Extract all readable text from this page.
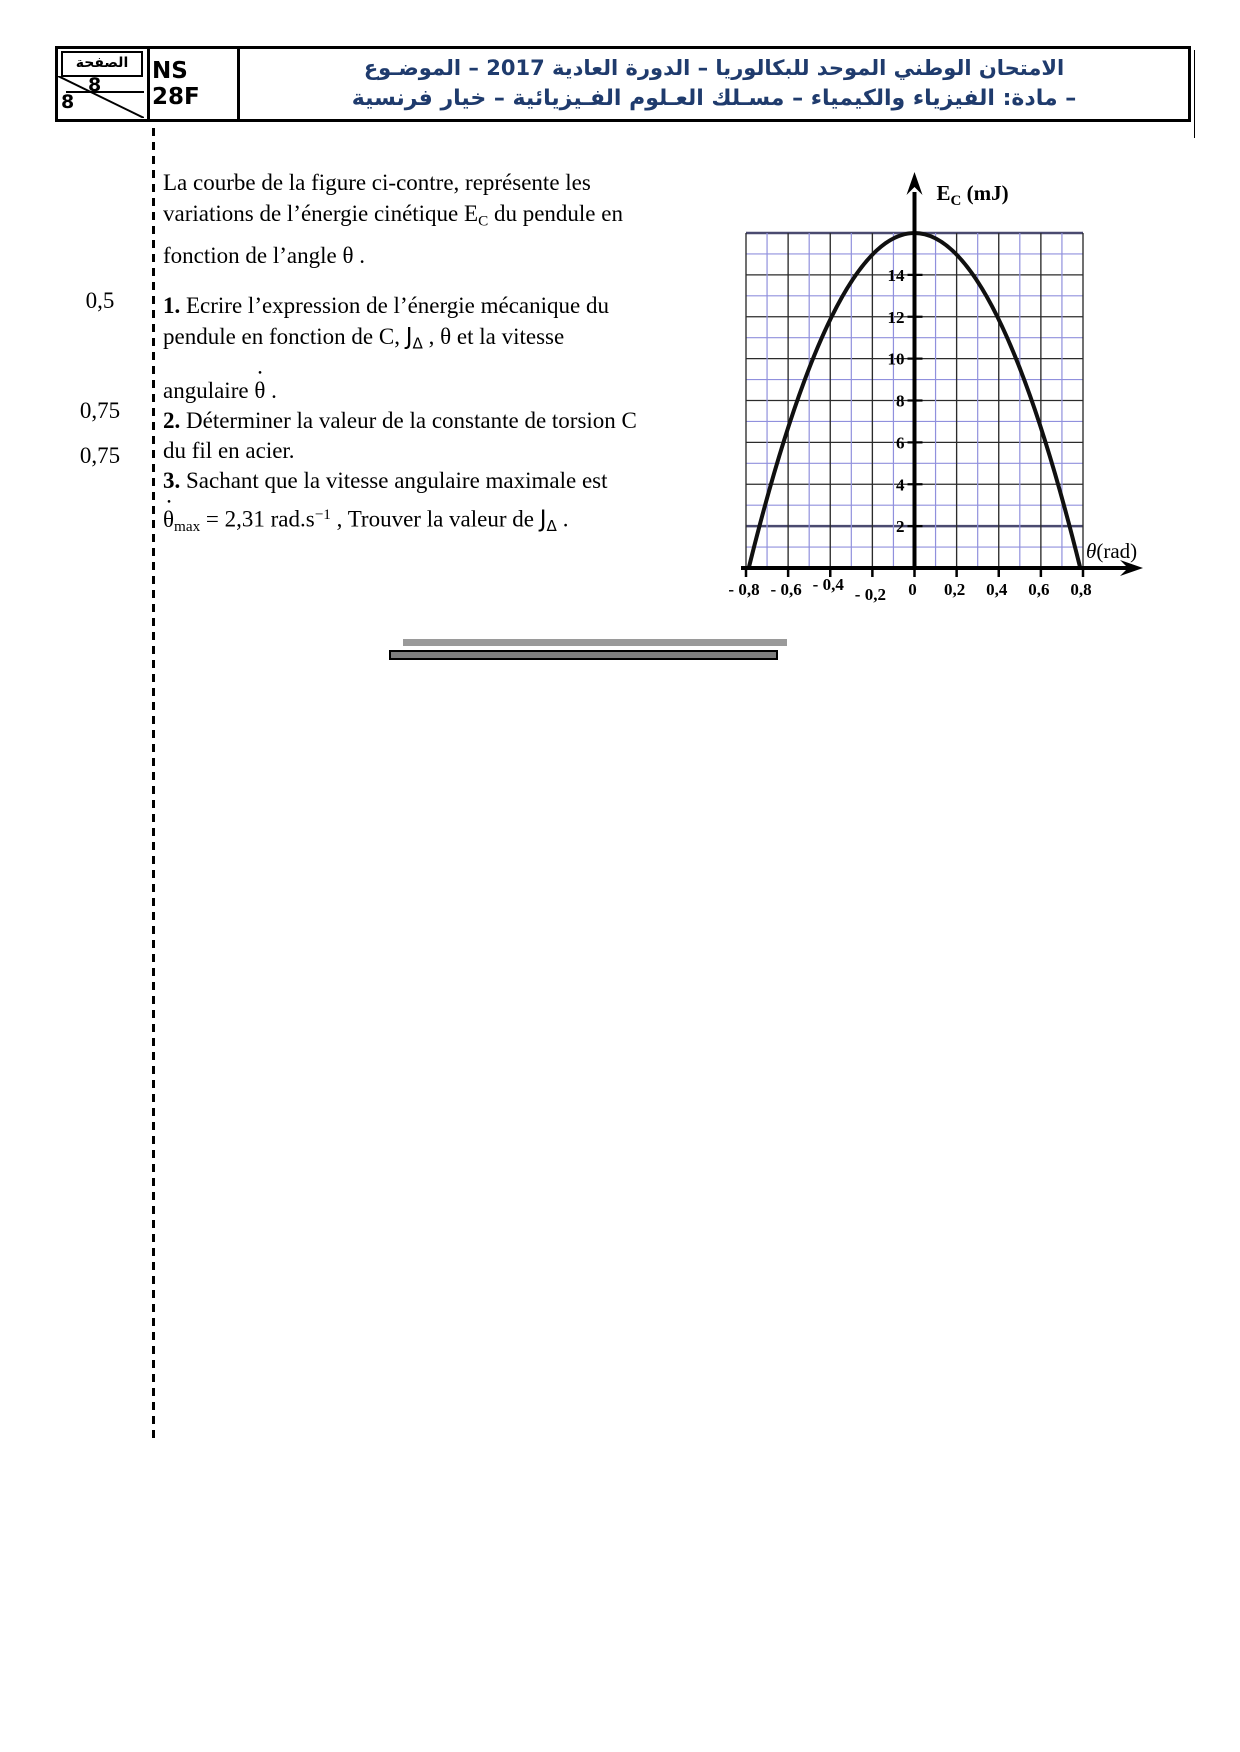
الصفحة
8
8
NS 28F
الامتحان الوطني الموحد للبكالوريا – الدورة العادية 2017 – الموضـوع
– مادة: الفيزياء والكيمياء – مسـلك العـلوم الفـيزيائية – خيار فرنسية
0,5
0,75
0,75
La courbe de la figure ci-contre, représente les
variations de l’énergie cinétique $E_C$ du pendule en
fonction de l’angle θ .
1. Ecrire l’expression de l’énergie mécanique du
pendule en fonction de C, $J_\Delta$ , θ et la vitesse
angulaire θ • .
2. Déterminer la valeur de la constante de torsion C
du fil en acier.
3. Sachant que la vitesse angulaire maximale est
θ $•_{max} = 2,31$ $rad.s^{-1}$ , Trouver la valeur de $J_\Delta$ .	2
4
6
8
10
12
14
- 0,8 - 0,6 - 0,4
- 0,2 0 0,2 0,4 0,6 0,8
$E_C$ (mJ)
θ(rad)
